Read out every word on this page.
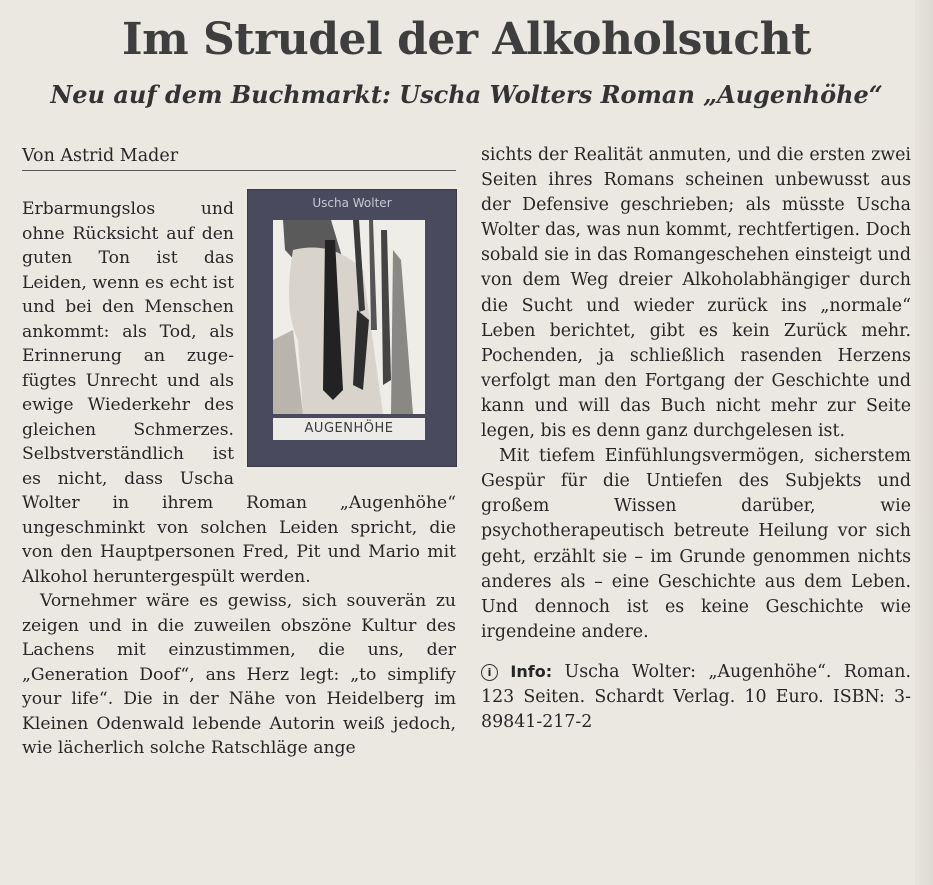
Im Strudel der Alkoholsucht
Neu auf dem Buchmarkt: Uscha Wolters Roman „Augenhöhe“
Von Astrid Mader
Uscha Wolter
AUGENHÖHE

Erbarmungslos und ohne Rücksicht auf den guten Ton ist das Leiden, wenn es echt ist und bei den Menschen ankommt: als Tod, als Erinnerung an zugefügtes Unrecht und als ewige Wiederkehr des gleichen Schmerzes. Selbstverständlich ist es nicht, dass Uscha Wolter in ihrem Roman „Augenhöhe“ ungeschminkt von solchen Leiden spricht, die von den Hauptpersonen Fred, Pit und Mario mit Alkohol heruntergespült werden.

Vornehmer wäre es gewiss, sich souverän zu zeigen und in die zuweilen obszöne Kultur des Lachens mit einzustimmen, die uns, der „Generation Doof“, ans Herz legt: „to simplify your life“. Die in der Nähe von Heidelberg im Kleinen Odenwald lebende Autorin weiß jedoch, wie lächerlich solche Ratschläge ange

sichts der Realität anmuten, und die ersten zwei Seiten ihres Romans scheinen unbewusst aus der Defensive geschrieben; als müsste Uscha Wolter das, was nun kommt, rechtfertigen. Doch sobald sie in das Romangeschehen einsteigt und von dem Weg dreier Alkoholabhängiger durch die Sucht und wieder zurück ins „normale“ Leben berichtet, gibt es kein Zurück mehr. Pochenden, ja schließlich rasenden Herzens verfolgt man den Fortgang der Geschichte und kann und will das Buch nicht mehr zur Seite legen, bis es denn ganz durchgelesen ist.

Mit tiefem Einfühlungsvermögen, sicherstem Gespür für die Untiefen des Subjekts und großem Wissen darüber, wie psychotherapeutisch betreute Heilung vor sich geht, erzählt sie – im Grunde genommen nichts anderes als – eine Geschichte aus dem Leben. Und dennoch ist es keine Geschichte wie irgendeine andere.

i Info: Uscha Wolter: „Augenhöhe“. Roman. 123 Seiten. Schardt Verlag. 10 Euro. ISBN: 3-89841-217-2
